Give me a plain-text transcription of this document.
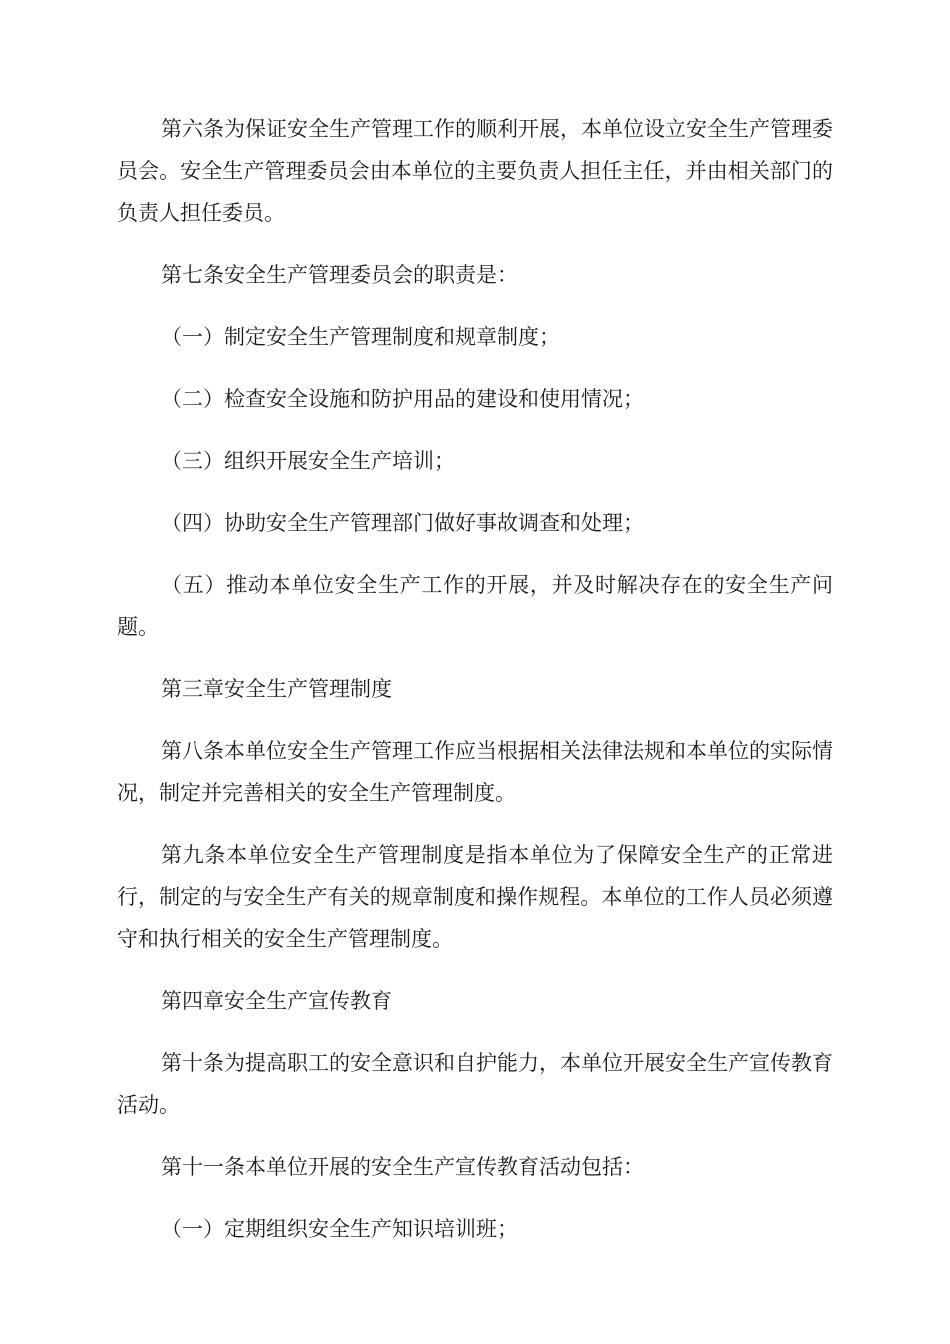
第六条为保证安全生产管理工作的顺利开展，本单位设立安全生产管理委员会。安全生产管理委员会由本单位的主要负责人担任主任，并由相关部门的负责人担任委员。

第七条安全生产管理委员会的职责是：

（一）制定安全生产管理制度和规章制度；

（二）检查安全设施和防护用品的建设和使用情况；

（三）组织开展安全生产培训；

（四）协助安全生产管理部门做好事故调查和处理；

（五）推动本单位安全生产工作的开展，并及时解决存在的安全生产问题。

第三章安全生产管理制度

第八条本单位安全生产管理工作应当根据相关法律法规和本单位的实际情况，制定并完善相关的安全生产管理制度。

第九条本单位安全生产管理制度是指本单位为了保障安全生产的正常进行，制定的与安全生产有关的规章制度和操作规程。本单位的工作人员必须遵守和执行相关的安全生产管理制度。

第四章安全生产宣传教育

第十条为提高职工的安全意识和自护能力，本单位开展安全生产宣传教育活动。

第十一条本单位开展的安全生产宣传教育活动包括：

（一）定期组织安全生产知识培训班；
